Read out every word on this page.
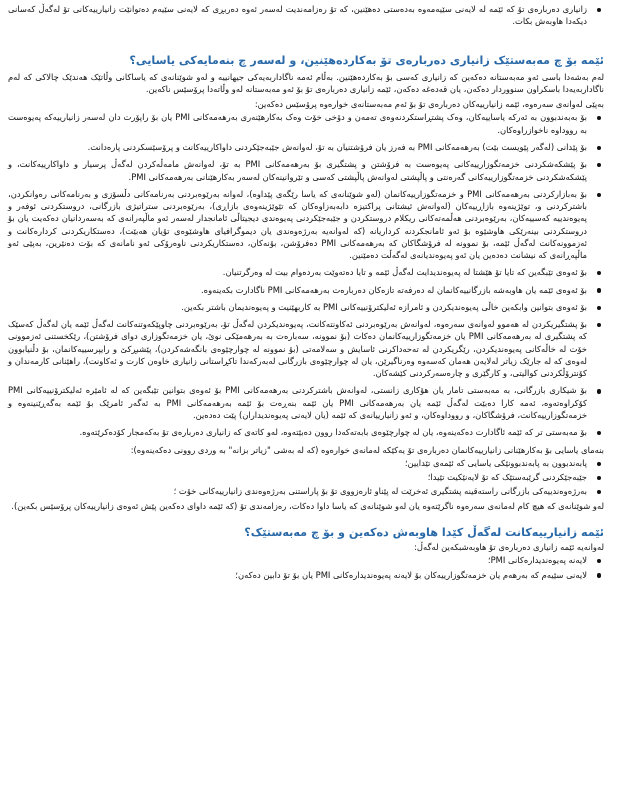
زانیاری دەربارەی تۆ کە ئێمە لە لایەنی سێیەمەوە بەدەستی دەهێنین، کە تۆ رەزامەندیت لەسەر ئەوە دەربڕی کە لایەنی سێیەم دەتوانێت زانیارییەکانی تۆ لەگەڵ کەسانی دیکەدا هاوبەش بکات.
ئێمە بۆ چ مەبەستێک زانیاری دەربارەی تۆ بەکاردەهێنین، و لەسەر چ بنەمایەکی یاسایی؟

لەم بەشەدا باسی ئەو مەبەستانە دەکەین کە زانیاری کەسی بۆ بەکاردەهێنین. بەڵام ئەمە ناگاداربەیەکی جیهانییە و لەو شوێنانەی کە یاساکانی وڵاتێک هەندێک چالاکی کە لەم ناگاداربەیەدا باسکراون سنووردار دەکەن، یان قەدەغە دەکەن، ئێمە زانیاری دەربارەی تۆ بۆ ئەو مەبەستانە لەو وڵاتەدا پرۆسێس ناکەین.

بەپێی لەوانەی سەرەوە، ئێمە زانیارییەکان دەربارەی تۆ بۆ ئەم مەبەستانەی خوارەوە پرۆسێس دەکەین:

بۆ بەبەندبوون بە ئەرکە یاساییەکان، وەک پشتڕاستکردنەوەی تەمەن و دۆخی خۆت وەک بەکارهێنەری بەرهەمەکانی PMI یان بۆ راپۆرت دان لەسەر زانیارییەکە پەیوەست بە رووداوە ناخوازراوەکان.
بۆ پێدانی (لەگەر پێویست بێت) بەرهەمەکانی PMI بە فەرز یان فرۆشتنیان بە تۆ، لەوانەش جێبەجێکردنی داواکارییەکانت و پرۆسێسکردنی پارەدانت.
بۆ پێشکەشکردنی خزمەتگوزارییەکانی پەیوەست بە فرۆشتن و پشتگیری بۆ بەرهەمەکانی PMI بە تۆ، لەوانەش مامەڵەکردن لەگەڵ پرسیار و داواکارییەکانت، و پێشکەشکردنی خزمەتگوزارییەکانی گەرەنتی و پاڵپشتی لەوانەش پاڵپشتی کەسی و تێروانینەکان لەسەر بەکارهێنانی بەرهەمەکانی PMI.
بۆ بەبازارکردنی بەرهەمەکانی PMI و خزمەتگوزارییەکانمان (لەو شوێنانەی کە یاسا رێگەی پێداوە)، لەوانە بەرێوەبردنی بەرنامەکانی دڵسۆزی و بەرنامەکانی رەوانکردن، باشترکردنی و، توێژینەوە بازاڕییەکان (لەوانەش ئیشتانی پراکتیزە دابەبەزاوەکان کە تێوێژینەوەی بازاڕی)، بەرێوەبردنی ستراتیژی بازرگانی، دروستکردنی ئوفەر و پەیوەندییە کەسییەکان، بەرێوەبردنی هەڵمەتەکانی ریکلام دروستکردن و جێبەجێکردنی پەیوەندی دیجیتاڵی ئامانجدار لەسەر ئەو ماڵپەرانەی کە بەسەردانیان دەکەیت یان بۆ دروستکردنی بینەرێکی هاوشێوە بۆ ئەو ئامانجکردنە کرداریانە (کە لەوانەیە بەرژەوەندی یان دیموگرافیای هاوشێوەی تۆیان هەبێت)، دەستکاریکردنی کردارەکانت و ئەزموونەکانت لەگەڵ ئێمە، بۆ نموونە لە فرۆشگاکان کە بەرهەمەکانی PMI دەفرۆشن، بۆنەکان، دەستکاریکردنی ناوەرۆکی ئەو نامانەی کە بۆت دەنێرین، بەپێی ئەو ماڵپەڕانەی کە نیشانت دەدەین یان ئەو پەیوەندیانەی لەگەڵت دەمێنین.
بۆ ئەوەی تێبگەین کە تایا تۆ هێشتا لە پەیوەندیدایت لەگەڵ ئێمە و تایا دەتەوێت بەردەوام بیت لە وەرگرتنیان.
بۆ ئەوەی ئێمە یان هاوبەشە بازرگانییەکانمان لە دەرفەتە تازەکان دەربارەت بەرهەمەکانی PMI ناگادارت بکەینەوە.
بۆ ئەوەی بتوانین وابکەین خاڵی پەیوەندیکردن و ئامرازە ئەلیکترۆنییەکانی PMI بە کاربهێنیت و پەیوەندیمان باشتر بکەین.
بۆ پشتگیریکردن لە هەموو لەوانەی سەرەوە، لەوانەش بەرێوەبردنی ئەکاونتەکانت، پەیوەندیکردن لەگەڵ تۆ، بەرێوەبردنی چاوپێکەوتنەکانت لەگەڵ ئێمە یان لەگەڵ کەسێک کە پشتگیری لە بەرهەمەکانی PMI یان خزمەتگوزارییەکانمان دەکات (بۆ نموونە، سەبارەت بە بەرهەمێکی نوێ، یان خزمەتگوزاری دوای فرۆشتن)، رێکخستنی ئەزموونی خۆت لە خاڵەکانی پەیوەندیکردن، رێگریکردن لە تەحەداکرنی ئاسایش و سەلامەتی (بۆ نموونە لە چوارچێوەی بانگەشەکردن)، پێشبڕکێ و رایپرسییەکانمان، بۆ دڵنیابوون لەوەی کە لە جارێک زیاتر لەلایەن هەمان کەسەوە وەرناگیرێن، یان لە چوارچێوەی بازرگانی لەبەرکەندا تاکڕاستانی زانیاری خاوەن کارت و ئەکاونت)، راهێنانی کارمەندان و کۆنترۆڵکردنی کوالیتی، و کارگێری و چارەسەرکردنی کێشەکان.
بۆ شیکاری بازرگانی، بە مەبەستی تامار یان هۆکاری زانستی، لەوانەش باشترکردنی بەرهەمەکانی PMI بۆ ئەوەی بتوانین تێبگەین کە لە ئامێرە ئەلیکترۆنییەکانی PMI کۆکراوەتەوە، ئەمە کارا دەبێت لەگەڵ ئێمە یان بەرهەمەکانی PMI یان ئێمە بنەڕەت بۆ ئێمە بەرهەمەکانی PMI بە ئەگەر ئامرێک بۆ ئێمە بەگەڕێنینەوە و خزمەتگوزارییەکانت، فرۆشگاکان، و رووداوەکان، و ئەو زانیارییانەی کە ئێمە (یان لایەنی پەیوەندیداران) پێت دەدەین.
بۆ مەبەستی تر کە ئێمە ئاگادارت دەکەینەوە، یان لە چوارچێوەی بابەتەکەدا روون دەبێتەوە، لەو کاتەی کە زانیاری دەربارەی تۆ بەکەمجار کۆدەکرێتەوە.

بنەمای یاسایی بۆ بەکارهێنانی زانیارییەکانمان دەربارەی تۆ یەکێکە لەمانەی خوارەوە (کە لە بەشی "زیاتر بزانە" بە وردی روونی دەکەینەوە):

پابەندبوون بە پابەندبوونێکی یاسایی کە ئێمەی تێدایین؛
جێبەجێکردنی گرێبەستێک کە تۆ لایەنێکیت تێیدا؛
بەرژەوەندییەکی بازرگانی راستەقینە پشتگیری ئەخرێت لە پێناو ئارەزووی تۆ بۆ پاراستنی بەرژەوەندی زانیارییەکانی خۆت ؛

لەو شوێنانەی کە هیچ کام لەمانەی سەرەوە ناگرێتەوە یان لەو شوێنانەی کە یاسا داوا دەکات، رەزامەندی تۆ (کە ئێمە داوای دەکەین پێش ئەوەی زانیارییەکان پرۆسێس بکەین).

ئێمە زانیارییەکانت لەگەڵ کێدا هاوبەش دەکەین و بۆ چ مەبەستێک؟

لەوانەیە ئێمە زانیاری دەربارەی تۆ هاوبەشبکەین لەگەڵ:

لایەنە پەیوەندیدارەکانی PMI؛
لایەنی سێیەم کە بەرهەم یان خزمەتگوزارییەکان بۆ لایەنە پەیوەندیدارەکانی PMI یان بۆ تۆ دابین دەکەن؛
